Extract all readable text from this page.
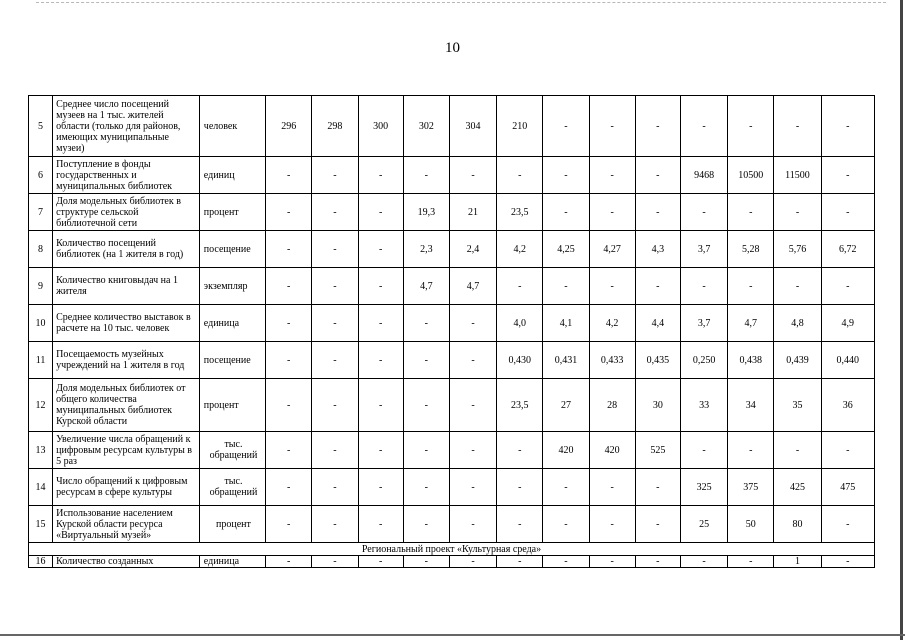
10
5	Среднее число посещений музеев на 1 тыс. жителей области (только для районов, имеющих муниципальные музеи)	человек	296	298	300	302	304	210	-	-	-	-	-	-	-
6	Поступление в фонды государственных и муниципальных библиотек	единиц	-	-	-	-	-	-	-	-	-	9468	10500	11500	-
7	Доля модельных библиотек в структуре сельской библиотечной сети	процент	-	-	-	19,3	21	23,5	-	-	-	-	-	-	-
8	Количество посещений библиотек (на 1 жителя в год)	посещение	-	-	-	2,3	2,4	4,2	4,25	4,27	4,3	3,7	5,28	5,76	6,72
9	Количество книговыдач на 1 жителя	экземпляр	-	-	-	4,7	4,7	-	-	-	-	-	-	-	-
10	Среднее количество выставок в расчете на 10 тыс. человек	единица	-	-	-	-	-	4,0	4,1	4,2	4,4	3,7	4,7	4,8	4,9
11	Посещаемость музейных учреждений на 1 жителя в год	посещение	-	-	-	-	-	0,430	0,431	0,433	0,435	0,250	0,438	0,439	0,440
12	Доля модельных библиотек от общего количества муниципальных библиотек Курской области	процент	-	-	-	-	-	23,5	27	28	30	33	34	35	36
13	Увеличение числа обращений к цифровым ресурсам культуры в 5 раз	тыс. обращений	-	-	-	-	-	-	420	420	525	-	-	-	-
14	Число обращений к цифровым ресурсам в сфере культуры	тыс. обращений	-	-	-	-	-	-	-	-	-	325	375	425	475
15	Использование населением Курской области ресурса «Виртуальный музей»	процент	-	-	-	-	-	-	-	-	-	25	50	80	-
Региональный проект «Культурная среда»															
16	Количество созданных	единица	-	-	-	-	-	-	-	-	-	-	-	1	-
